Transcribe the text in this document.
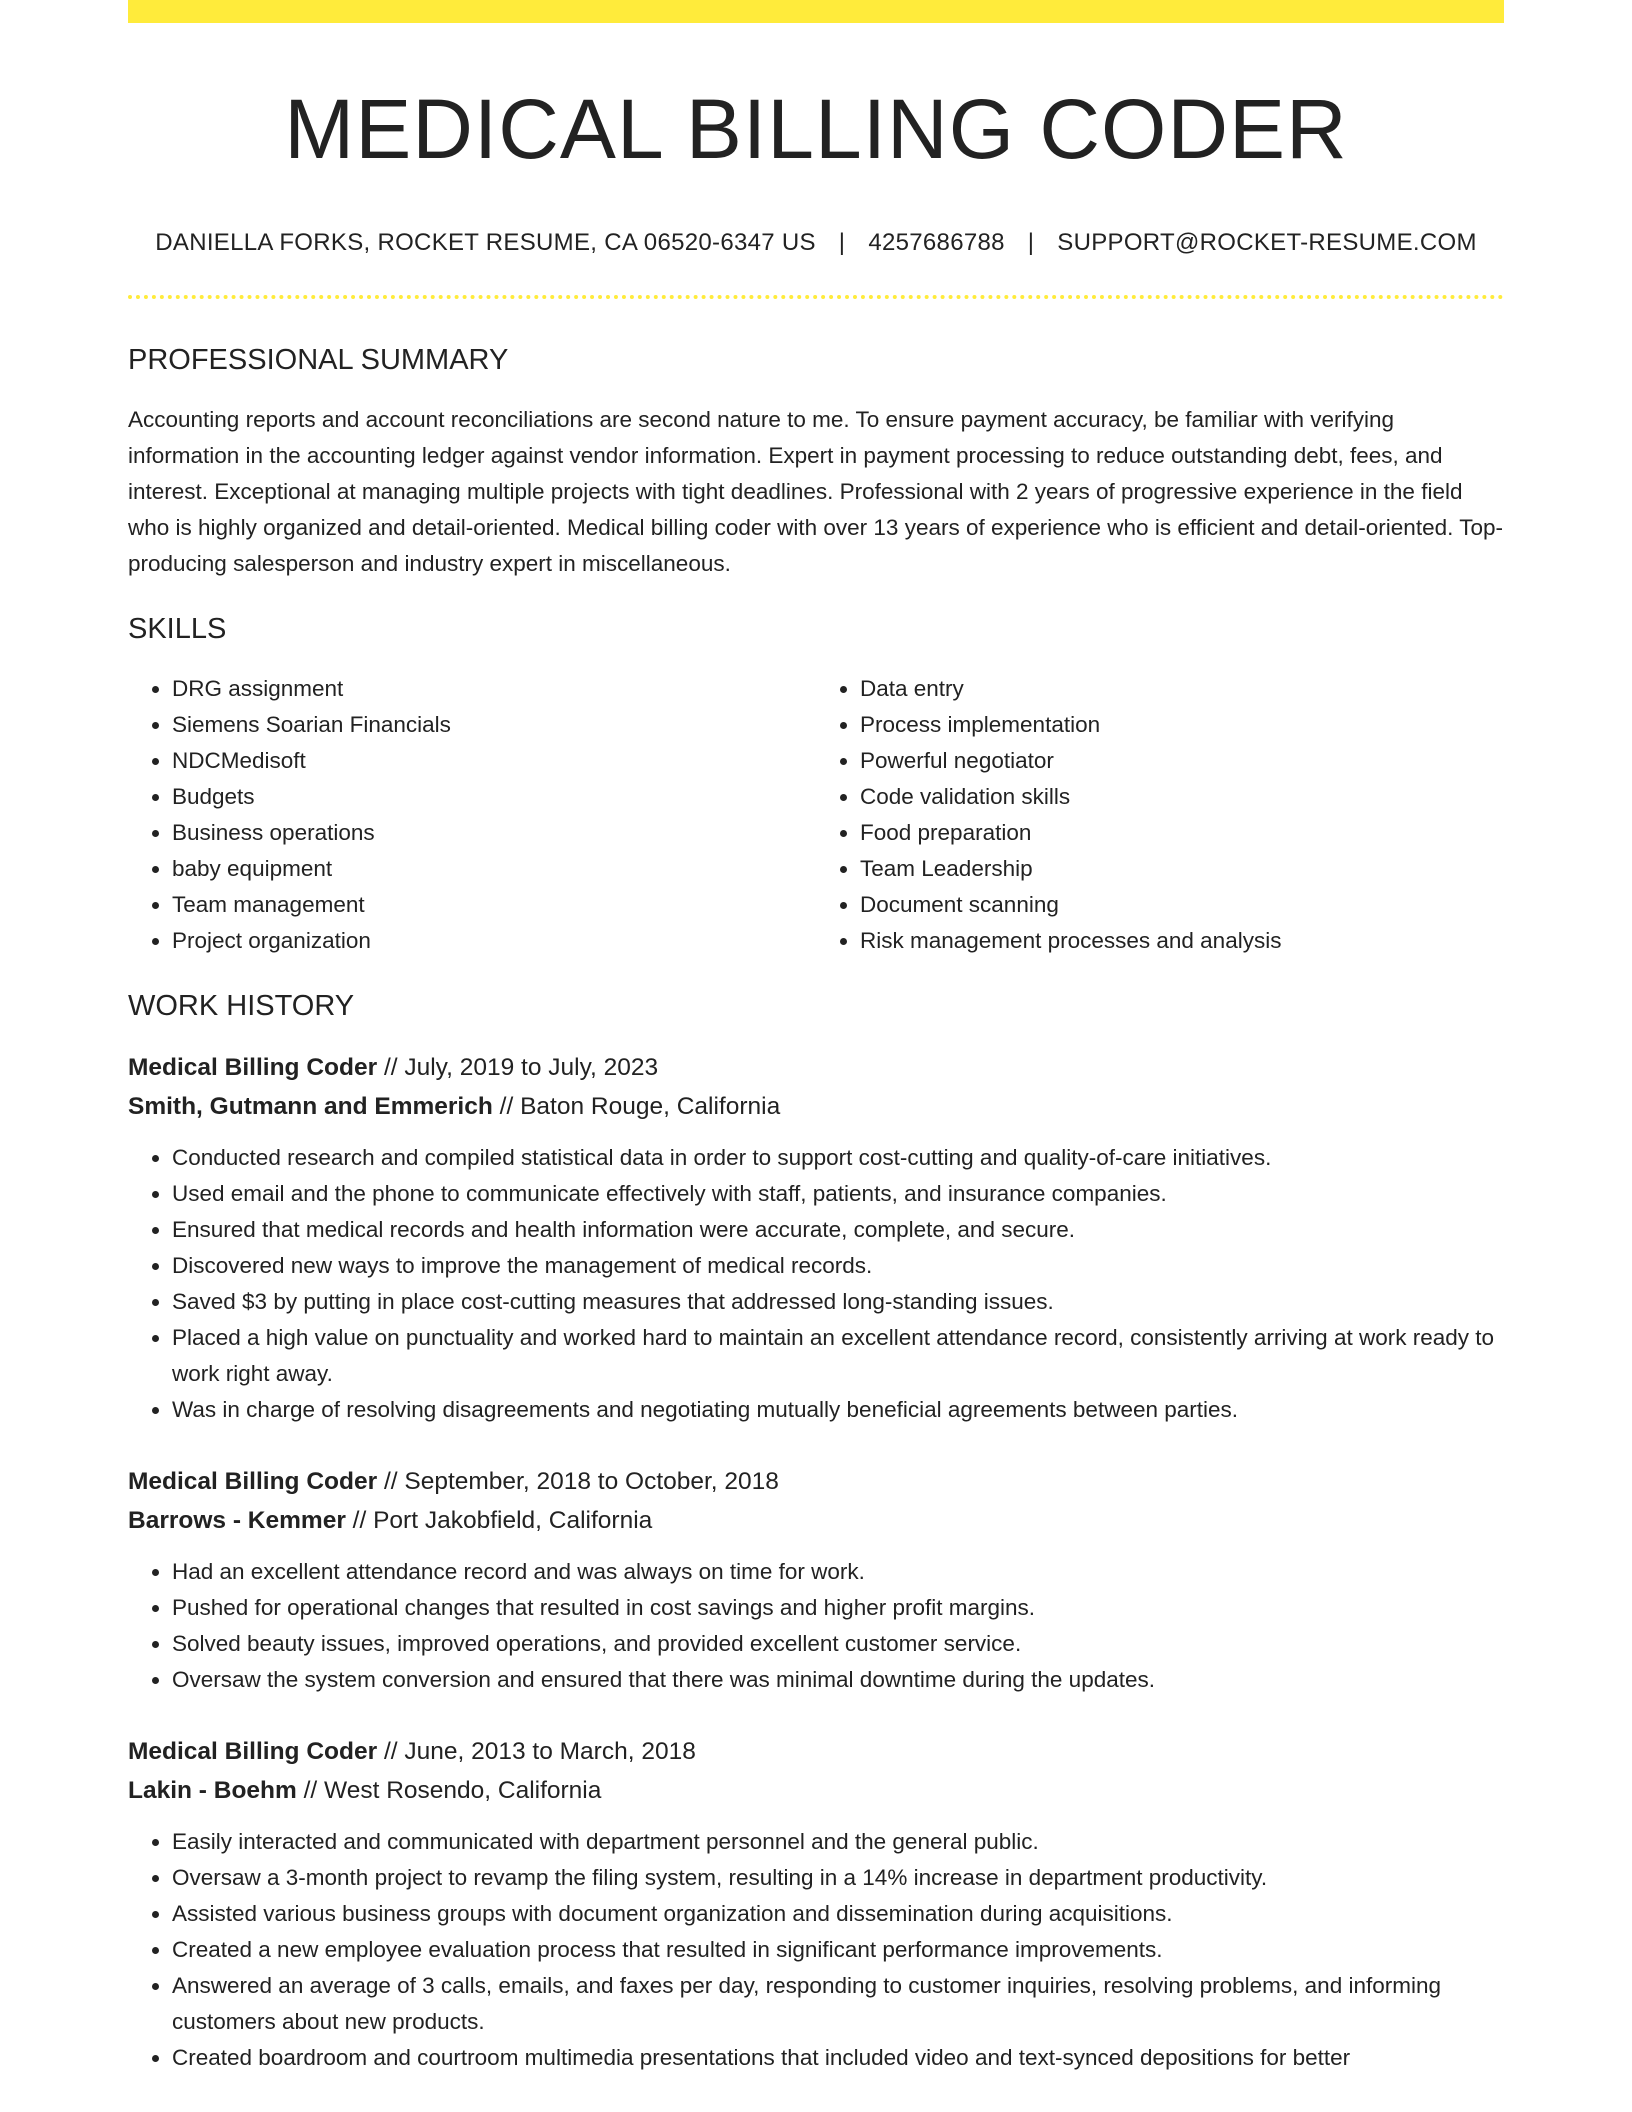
MEDICAL BILLING CODER
DANIELLA FORKS, ROCKET RESUME, CA 06520-6347 US | 4257686788 | SUPPORT@ROCKET-RESUME.COM
PROFESSIONAL SUMMARY

Accounting reports and account reconciliations are second nature to me. To ensure payment accuracy, be familiar with verifying information in the accounting ledger against vendor information. Expert in payment processing to reduce outstanding debt, fees, and interest. Exceptional at managing multiple projects with tight deadlines. Professional with 2 years of progressive experience in the field who is highly organized and detail-oriented. Medical billing coder with over 13 years of experience who is efficient and detail-oriented. Top-producing salesperson and industry expert in miscellaneous.

SKILLS
• DRG assignment
• Siemens Soarian Financials
• NDCMedisoft
• Budgets
• Business operations
• baby equipment
• Team management
• Project organization
• Data entry
• Process implementation
• Powerful negotiator
• Code validation skills
• Food preparation
• Team Leadership
• Document scanning
• Risk management processes and analysis
WORK HISTORY
Medical Billing Coder // July, 2019 to July, 2023
Smith, Gutmann and Emmerich // Baton Rouge, California
• Conducted research and compiled statistical data in order to support cost-cutting and quality-of-care initiatives.
• Used email and the phone to communicate effectively with staff, patients, and insurance companies.
• Ensured that medical records and health information were accurate, complete, and secure.
• Discovered new ways to improve the management of medical records.
• Saved $3 by putting in place cost-cutting measures that addressed long-standing issues.
• Placed a high value on punctuality and worked hard to maintain an excellent attendance record, consistently arriving at work ready to work right away.
• Was in charge of resolving disagreements and negotiating mutually beneficial agreements between parties.
Medical Billing Coder // September, 2018 to October, 2018
Barrows - Kemmer // Port Jakobfield, California
• Had an excellent attendance record and was always on time for work.
• Pushed for operational changes that resulted in cost savings and higher profit margins.
• Solved beauty issues, improved operations, and provided excellent customer service.
• Oversaw the system conversion and ensured that there was minimal downtime during the updates.
Medical Billing Coder // June, 2013 to March, 2018
Lakin - Boehm // West Rosendo, California
• Easily interacted and communicated with department personnel and the general public.
• Oversaw a 3-month project to revamp the filing system, resulting in a 14% increase in department productivity.
• Assisted various business groups with document organization and dissemination during acquisitions.
• Created a new employee evaluation process that resulted in significant performance improvements.
• Answered an average of 3 calls, emails, and faxes per day, responding to customer inquiries, resolving problems, and informing customers about new products.
• Created boardroom and courtroom multimedia presentations that included video and text-synced depositions for better
